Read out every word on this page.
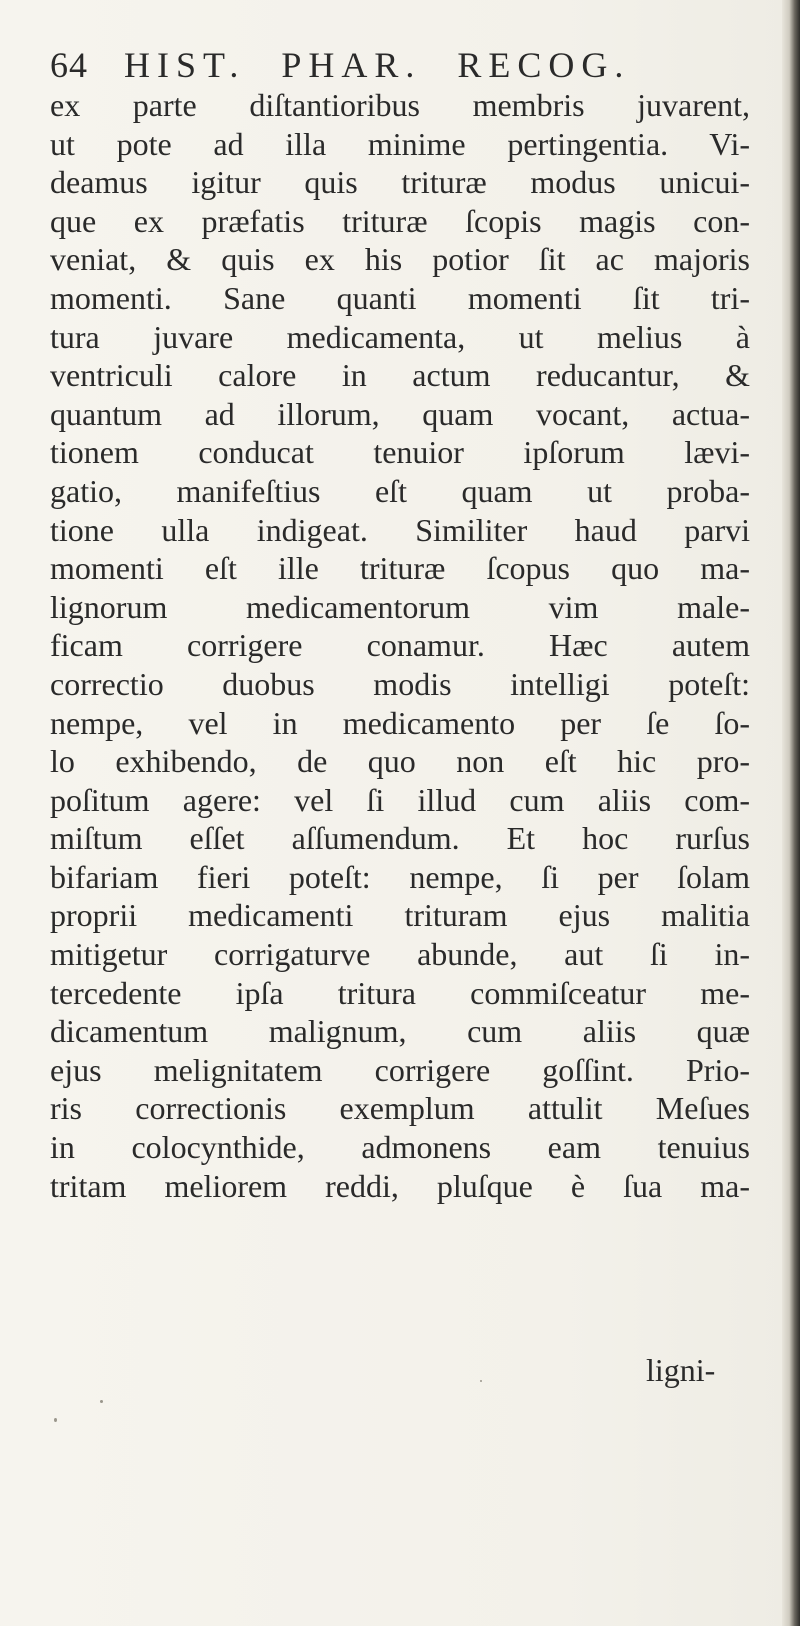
64 HIST. PHAR. RECOG.
ex parte diſtantioribus membris juvarent,
ut pote ad illa minime pertingentia. Vi-
deamus igitur quis trituræ modus unicui-
que ex præfatis trituræ ſcopis magis con-
veniat, & quis ex his potior ſit ac majoris
momenti. Sane quanti momenti ſit tri-
tura juvare medicamenta, ut melius à
ventriculi calore in actum reducantur, &
quantum ad illorum, quam vocant, actua-
tionem conducat tenuior ipſorum lævi-
gatio, manifeſtius eſt quam ut proba-
tione ulla indigeat. Similiter haud parvi
momenti eſt ille trituræ ſcopus quo ma-
lignorum medicamentorum vim male-
ficam corrigere conamur. Hæc autem
correctio duobus modis intelligi poteſt:
nempe, vel in medicamento per ſe ſo-
lo exhibendo, de quo non eſt hic pro-
poſitum agere: vel ſi illud cum aliis com-
miſtum eſſet aſſumendum. Et hoc rurſus
bifariam fieri poteſt: nempe, ſi per ſolam
proprii medicamenti trituram ejus malitia
mitigetur corrigaturve abunde, aut ſi in-
tercedente ipſa tritura commiſceatur me-
dicamentum malignum, cum aliis quæ
ejus melignitatem corrigere goſſint. Prio-
ris correctionis exemplum attulit Meſues
in colocynthide, admonens eam tenuius
tritam meliorem reddi, pluſque è ſua ma-
ligni-
